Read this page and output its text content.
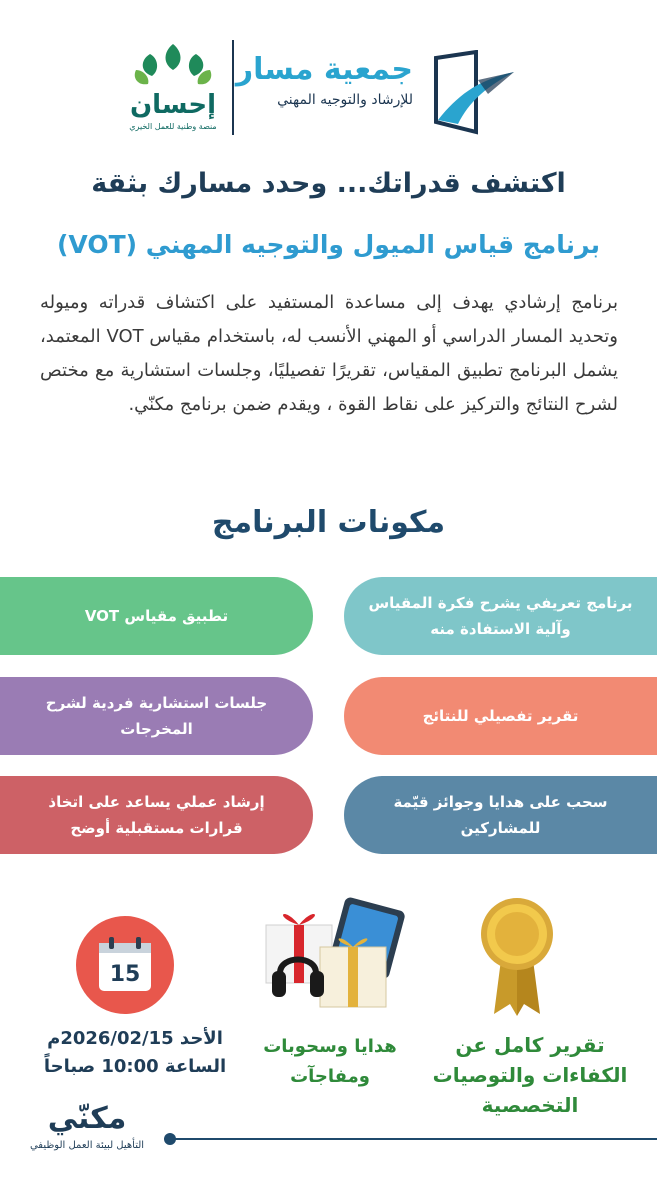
إحسان
منصة وطنية للعمل الخيري
جمعية مسار
للإرشاد والتوجيه المهني
اكتشف قدراتك... وحدد مسارك بثقة
برنامج قياس الميول والتوجيه المهني (VOT)
برنامج إرشادي يهدف إلى مساعدة المستفيد على اكتشاف قدراته وميوله وتحديد المسار الدراسي أو المهني الأنسب له، باستخدام مقياس VOT المعتمد، يشمل البرنامج تطبيق المقياس، تقريرًا تفصيليًا، وجلسات استشارية مع مختص لشرح النتائج والتركيز على نقاط القوة ، ويقدم ضمن برنامج مكنّي.
مكونات البرنامج
برنامج تعريفي يشرح فكرة المقياس وآلية الاستفادة منه
تطبيق مقياس VOT
تقرير تفصيلي للنتائج
جلسات استشارية فردية لشرح المخرجات
سحب على هدايا وجوائز قيّمة للمشاركين
إرشاد عملي يساعد على اتخاذ قرارات مستقبلية أوضح
15
تقرير كامل عن الكفاءات والتوصيات التخصصية
هدايا وسحوبات ومفاجآت
الأحد 2026/02/15م
الساعة 10:00 صباحاً
مكنّي
التأهيل لبيئة العمل الوظيفي
